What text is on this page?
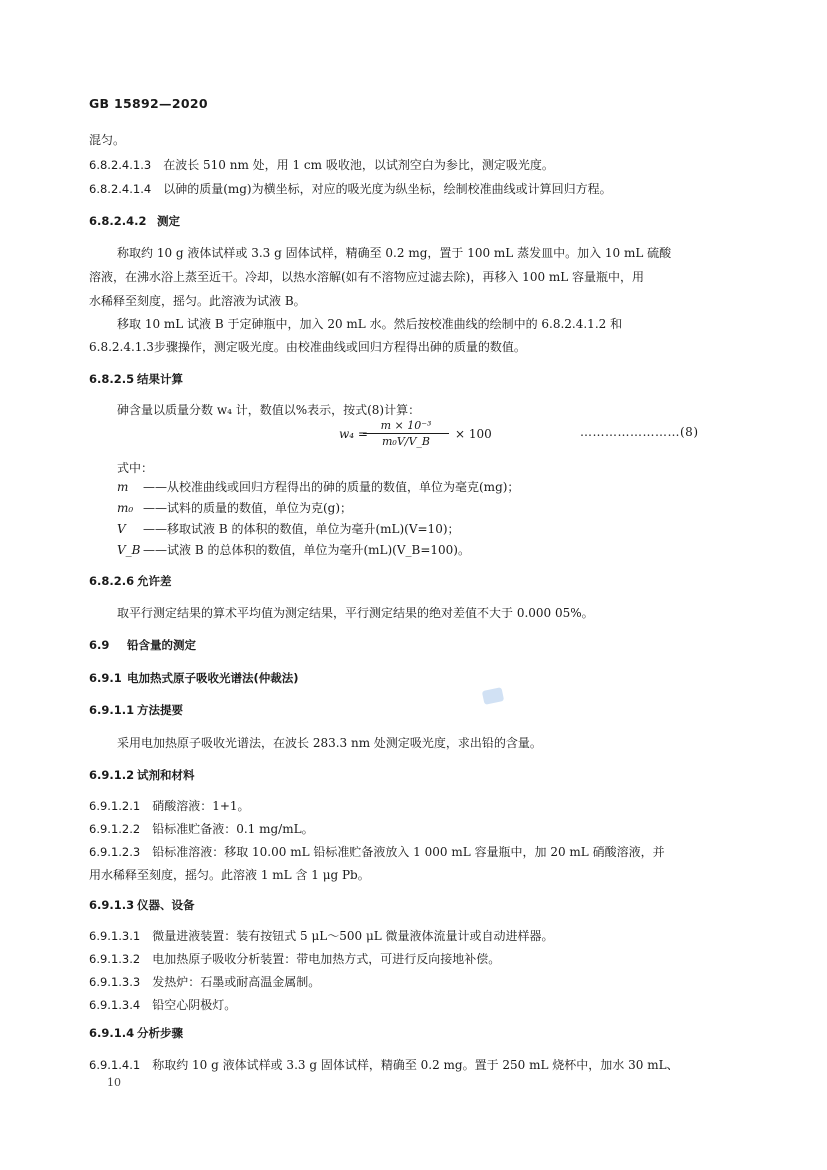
GB 15892—2020
混匀。
6.8.2.4.1.3 在波长 510 nm 处，用 1 cm 吸收池，以试剂空白为参比，测定吸光度。
6.8.2.4.1.4 以砷的质量(mg)为横坐标，对应的吸光度为纵坐标，绘制校准曲线或计算回归方程。
6.8.2.4.2 测定
称取约 10 g 液体试样或 3.3 g 固体试样，精确至 0.2 mg，置于 100 mL 蒸发皿中。加入 10 mL 硫酸
溶液，在沸水浴上蒸至近干。冷却，以热水溶解(如有不溶物应过滤去除)，再移入 100 mL 容量瓶中，用
水稀释至刻度，摇匀。此溶液为试液 B。
移取 10 mL 试液 B 于定砷瓶中，加入 20 mL 水。然后按校准曲线的绘制中的 6.8.2.4.1.2 和
6.8.2.4.1.3步骤操作，测定吸光度。由校准曲线或回归方程得出砷的质量的数值。
6.8.2.5 结果计算
砷含量以质量分数 w₄ 计，数值以%表示，按式(8)计算：
w₄ =
m × 10⁻³
m₀V/V_B
× 100	……………………(8)
式中：
m ——从校准曲线或回归方程得出的砷的质量的数值，单位为毫克(mg)；
m₀ ——试料的质量的数值，单位为克(g)；
V ——移取试液 B 的体积的数值，单位为毫升(mL)(V=10)；
V_B ——试液 B 的总体积的数值，单位为毫升(mL)(V_B=100)。
6.8.2.6 允许差
取平行测定结果的算术平均值为测定结果，平行测定结果的绝对差值不大于 0.000 05%。
6.9 铅含量的测定
6.9.1 电加热式原子吸收光谱法(仲裁法)
6.9.1.1 方法提要
采用电加热原子吸收光谱法，在波长 283.3 nm 处测定吸光度，求出铅的含量。
6.9.1.2 试剂和材料
6.9.1.2.1 硝酸溶液：1+1。
6.9.1.2.2 铅标准贮备液：0.1 mg/mL。
6.9.1.2.3 铅标准溶液：移取 10.00 mL 铅标准贮备液放入 1 000 mL 容量瓶中，加 20 mL 硝酸溶液，并
用水稀释至刻度，摇匀。此溶液 1 mL 含 1 μg Pb。
6.9.1.3 仪器、设备
6.9.1.3.1 微量进液装置：装有按钮式 5 μL～500 μL 微量液体流量计或自动进样器。
6.9.1.3.2 电加热原子吸收分析装置：带电加热方式，可进行反向接地补偿。
6.9.1.3.3 发热炉：石墨或耐高温金属制。
6.9.1.3.4 铅空心阴极灯。
6.9.1.4 分析步骤
6.9.1.4.1 称取约 10 g 液体试样或 3.3 g 固体试样，精确至 0.2 mg。置于 250 mL 烧杯中，加水 30 mL、
10
